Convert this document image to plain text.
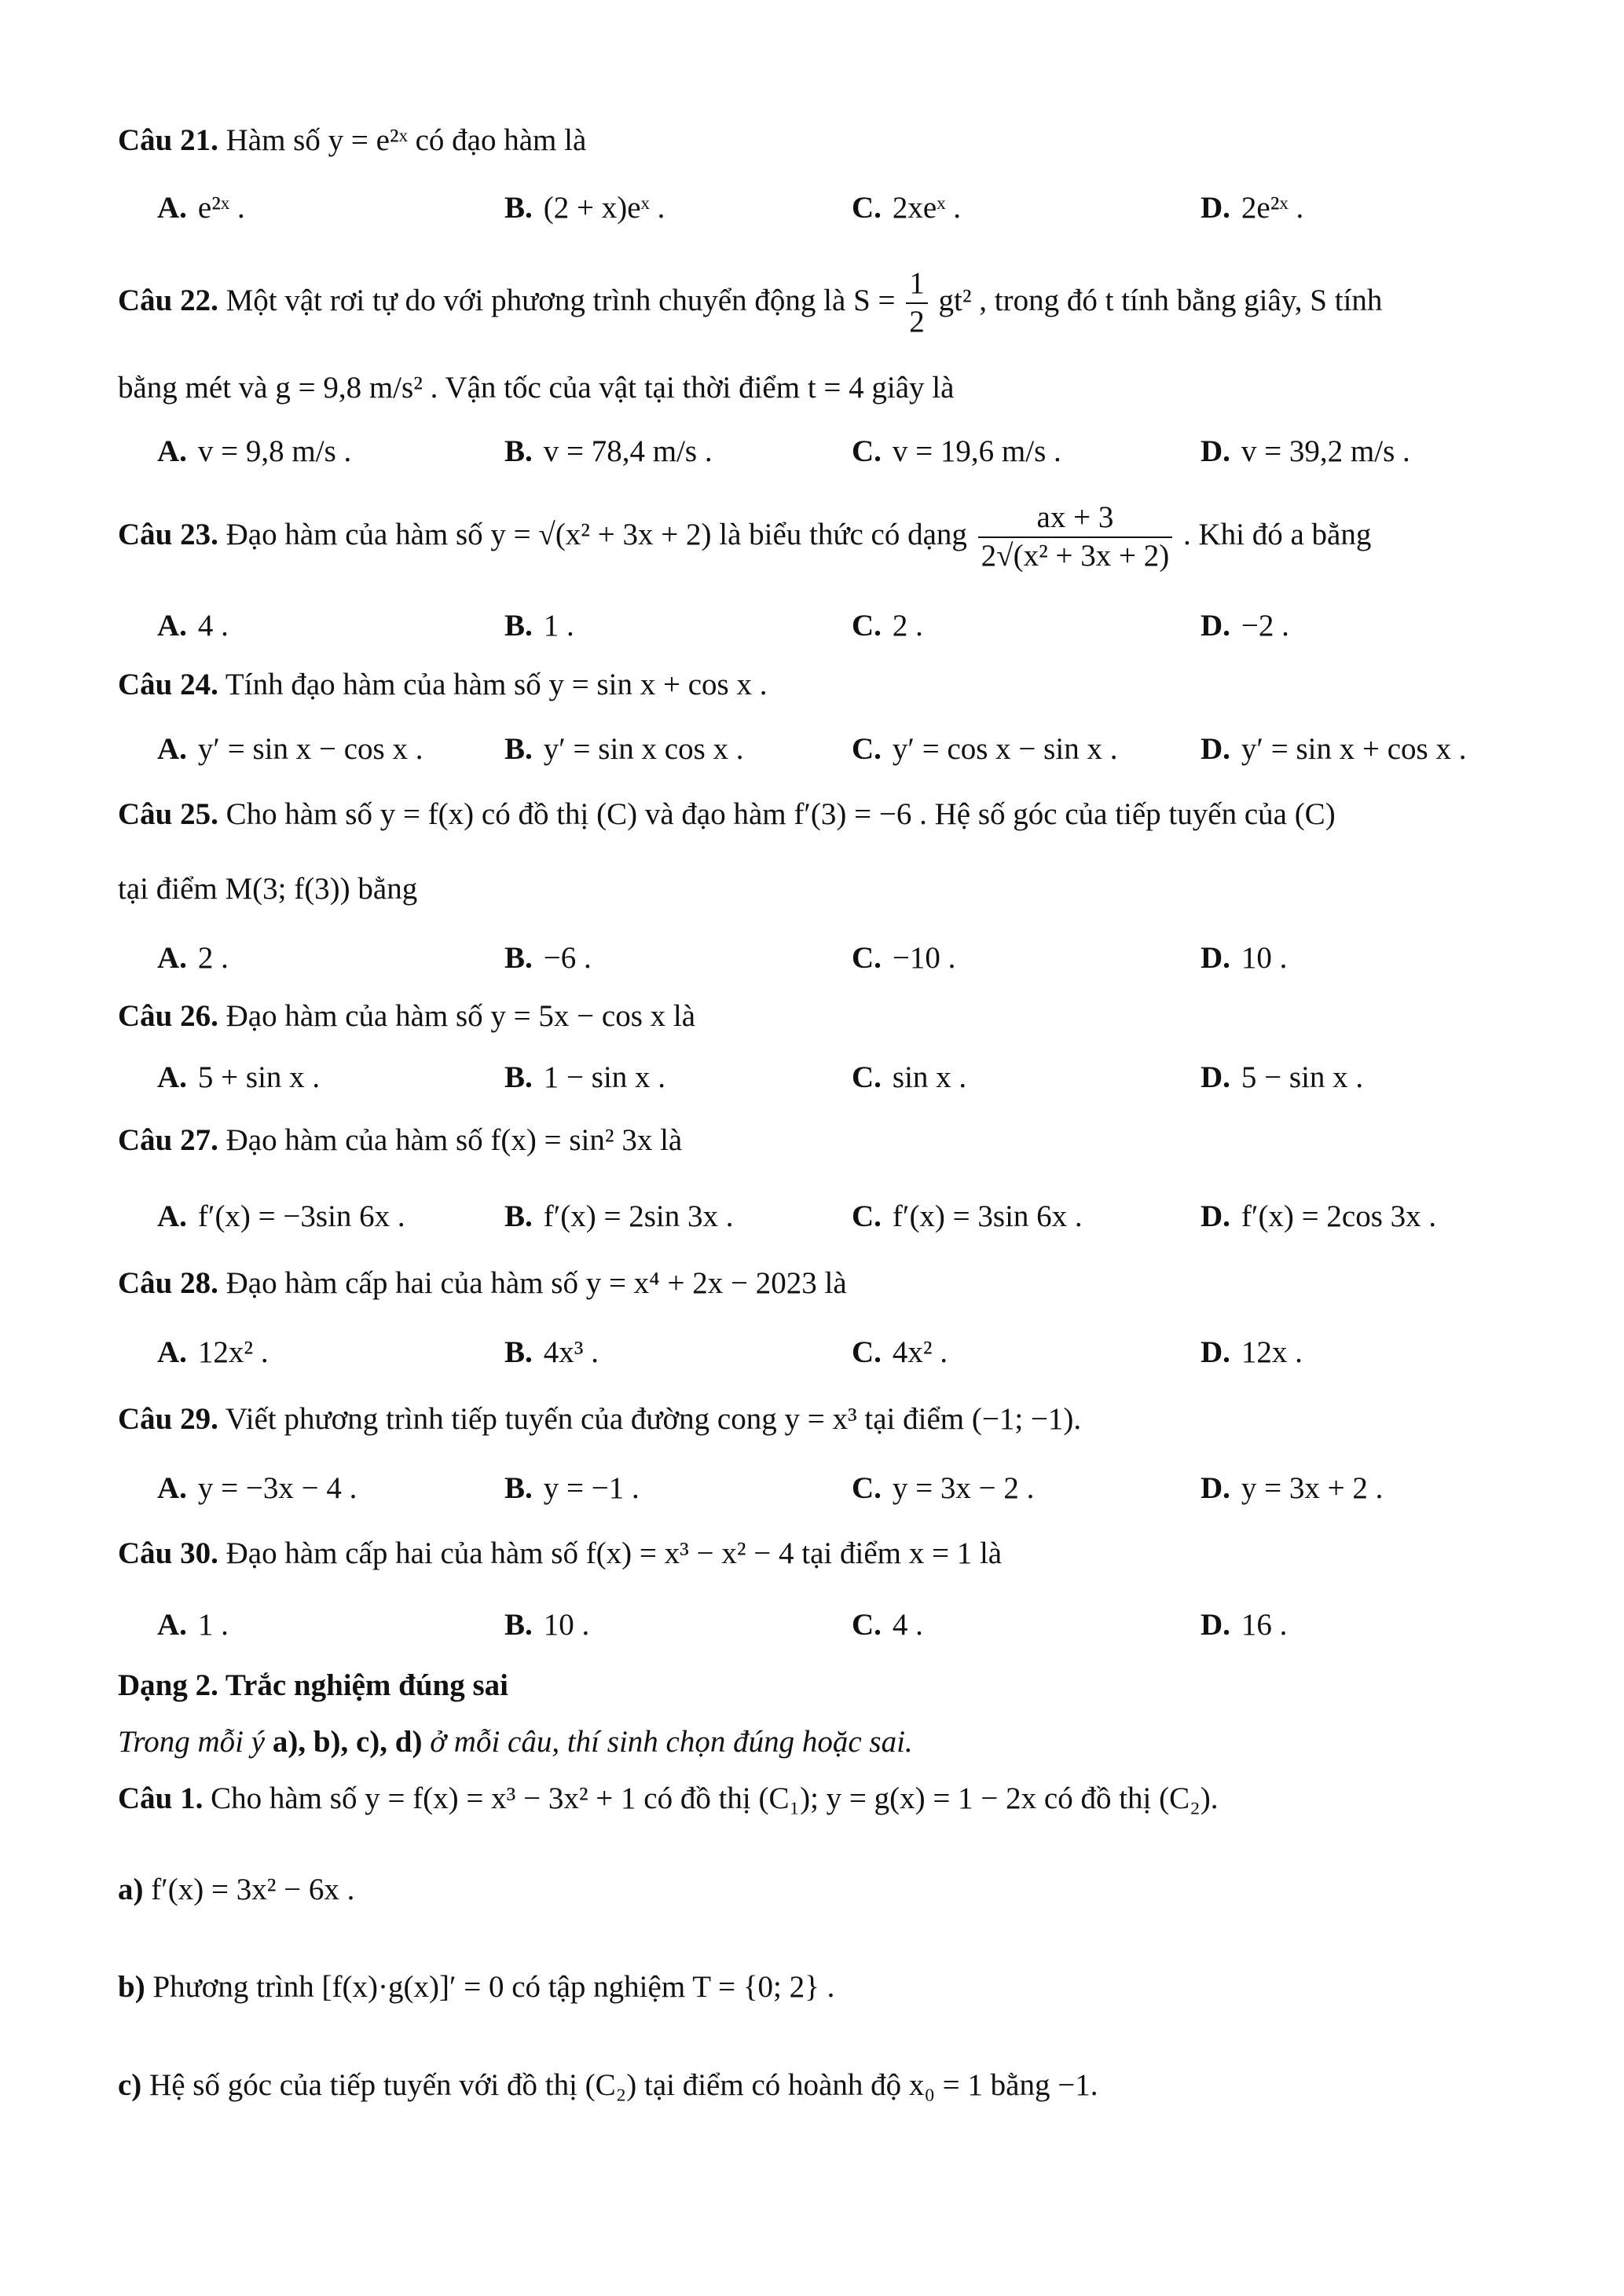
Câu 21. Hàm số y = e²ˣ có đạo hàm là
A. e²ˣ .	B. (2 + x)eˣ .	C. 2xeˣ .	D. 2e²ˣ .
Câu 22. Một vật rơi tự do với phương trình chuyển động là $S = \frac{1}{2} gt^2$ , trong đó t tính bằng giây, S tính
bằng mét và g = 9,8 m/s² . Vận tốc của vật tại thời điểm t = 4 giây là
A. v = 9,8 m/s .	B. v = 78,4 m/s .	C. v = 19,6 m/s .	D. v = 39,2 m/s .
Câu 23. Đạo hàm của hàm số y = √(x² + 3x + 2) là biểu thức có dạng $\frac{ax + 3}{\text{2√(x² + 3x + 2)}}$ . Khi đó a bằng
A. 4 .	B. 1 .	C. 2 .	D. −2 .
Câu 24. Tính đạo hàm của hàm số y = sin x + cos x .
A. y′ = sin x − cos x .	B. y′ = sin x cos x .	C. y′ = cos x − sin x .	D. y′ = sin x + cos x .
Câu 25. Cho hàm số y = f(x) có đồ thị (C) và đạo hàm f′(3) = −6 . Hệ số góc của tiếp tuyến của (C)
tại điểm M(3; f(3)) bằng
A. 2 .	B. −6 .	C. −10 .	D. 10 .
Câu 26. Đạo hàm của hàm số y = 5x − cos x là
A. 5 + sin x .	B. 1 − sin x .	C. sin x .	D. 5 − sin x .
Câu 27. Đạo hàm của hàm số f(x) = sin² 3x là
A. f′(x) = −3sin 6x .	B. f′(x) = 2sin 3x .	C. f′(x) = 3sin 6x .	D. f′(x) = 2cos 3x .
Câu 28. Đạo hàm cấp hai của hàm số y = x⁴ + 2x − 2023 là
A. 12x² .	B. 4x³ .	C. 4x² .	D. 12x .
Câu 29. Viết phương trình tiếp tuyến của đường cong y = x³ tại điểm (−1; −1).
A. y = −3x − 4 .	B. y = −1 .	C. y = 3x − 2 .	D. y = 3x + 2 .
Câu 30. Đạo hàm cấp hai của hàm số f(x) = x³ − x² − 4 tại điểm x = 1 là
A. 1 .	B. 10 .	C. 4 .	D. 16 .
Dạng 2. Trắc nghiệm đúng sai
Trong mỗi ý a), b), c), d) ở mỗi câu, thí sinh chọn đúng hoặc sai.
Câu 1. Cho hàm số y = f(x) = x³ − 3x² + 1 có đồ thị (C₁); y = g(x) = 1 − 2x có đồ thị (C₂).
a) f′(x) = 3x² − 6x .
b) Phương trình [f(x)·g(x)]′ = 0 có tập nghiệm T = {0; 2} .
c) Hệ số góc của tiếp tuyến với đồ thị (C₂) tại điểm có hoành độ x₀ = 1 bằng −1.
